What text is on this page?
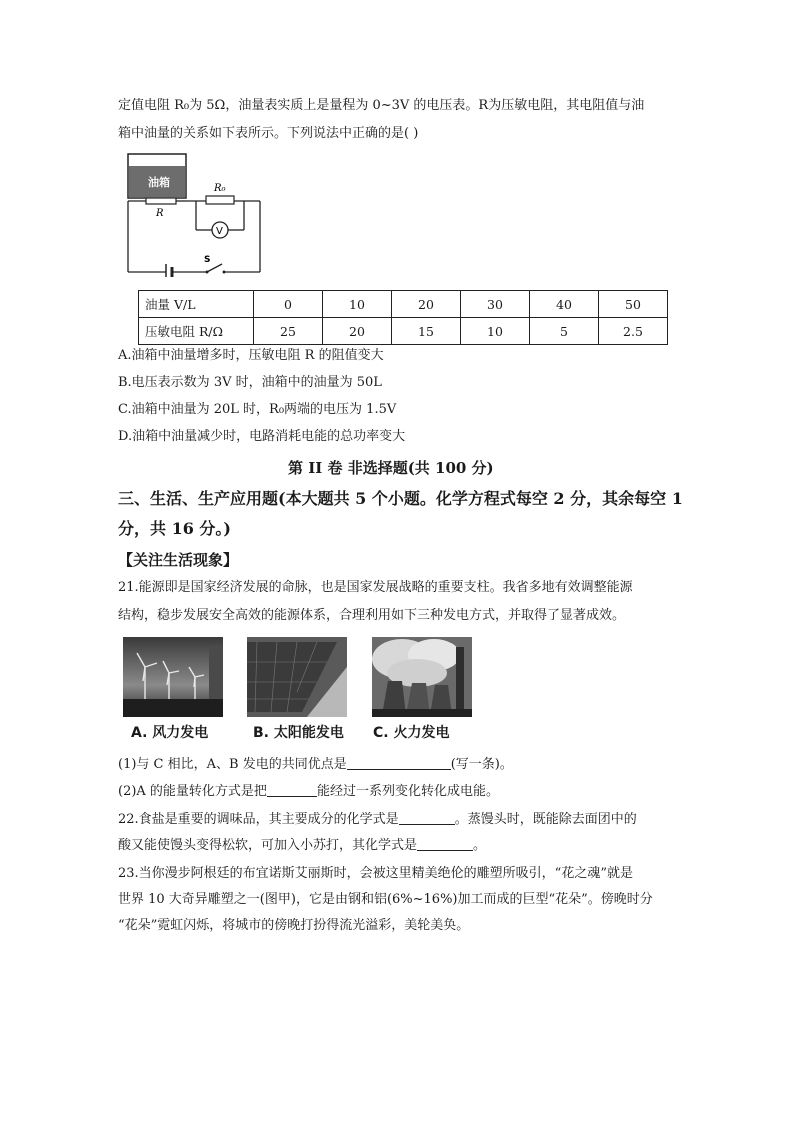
定值电阻 R₀为 5Ω，油量表实质上是量程为 0~3V 的电压表。R为压敏电阻，其电阻值与油
箱中油量的关系如下表所示。下列说法中正确的是( )
油箱
R
R₀
V
S
油量 V/L	0	10	20	30	40	50
压敏电阻 R/Ω	25	20	15	10	5	2.5
A.油箱中油量增多时，压敏电阻 R 的阻值变大
B.电压表示数为 3V 时，油箱中的油量为 50L
C.油箱中油量为 20L 时，R₀两端的电压为 1.5V
D.油箱中油量减少时，电路消耗电能的总功率变大
第 II 卷 非选择题(共 100 分)
三、生活、生产应用题(本大题共 5 个小题。化学方程式每空 2 分，其余每空 1
分，共 16 分。)
【关注生活现象】
21.能源即是国家经济发展的命脉，也是国家发展战略的重要支柱。我省多地有效调整能源
结构，稳步发展安全高效的能源体系，合理利用如下三种发电方式，并取得了显著成效。
A. 风力发电	B. 太阳能发电 C. 火力发电
(1)与 C 相比，A、B 发电的共同优点是	(写一条)。
(2)A 的能量转化方式是把	能经过一系列变化转化成电能。
22.食盐是重要的调味品，其主要成分的化学式是	。蒸馒头时，既能除去面团中的
酸又能使馒头变得松软，可加入小苏打，其化学式是	。
23.当你漫步阿根廷的布宜诺斯艾丽斯时，会被这里精美绝伦的雕塑所吸引，“花之魂”就是
世界 10 大奇异雕塑之一(图甲)，它是由钢和铝(6%~16%)加工而成的巨型“花朵”。傍晚时分
“花朵”霓虹闪烁，将城市的傍晚打扮得流光溢彩，美轮美奂。
